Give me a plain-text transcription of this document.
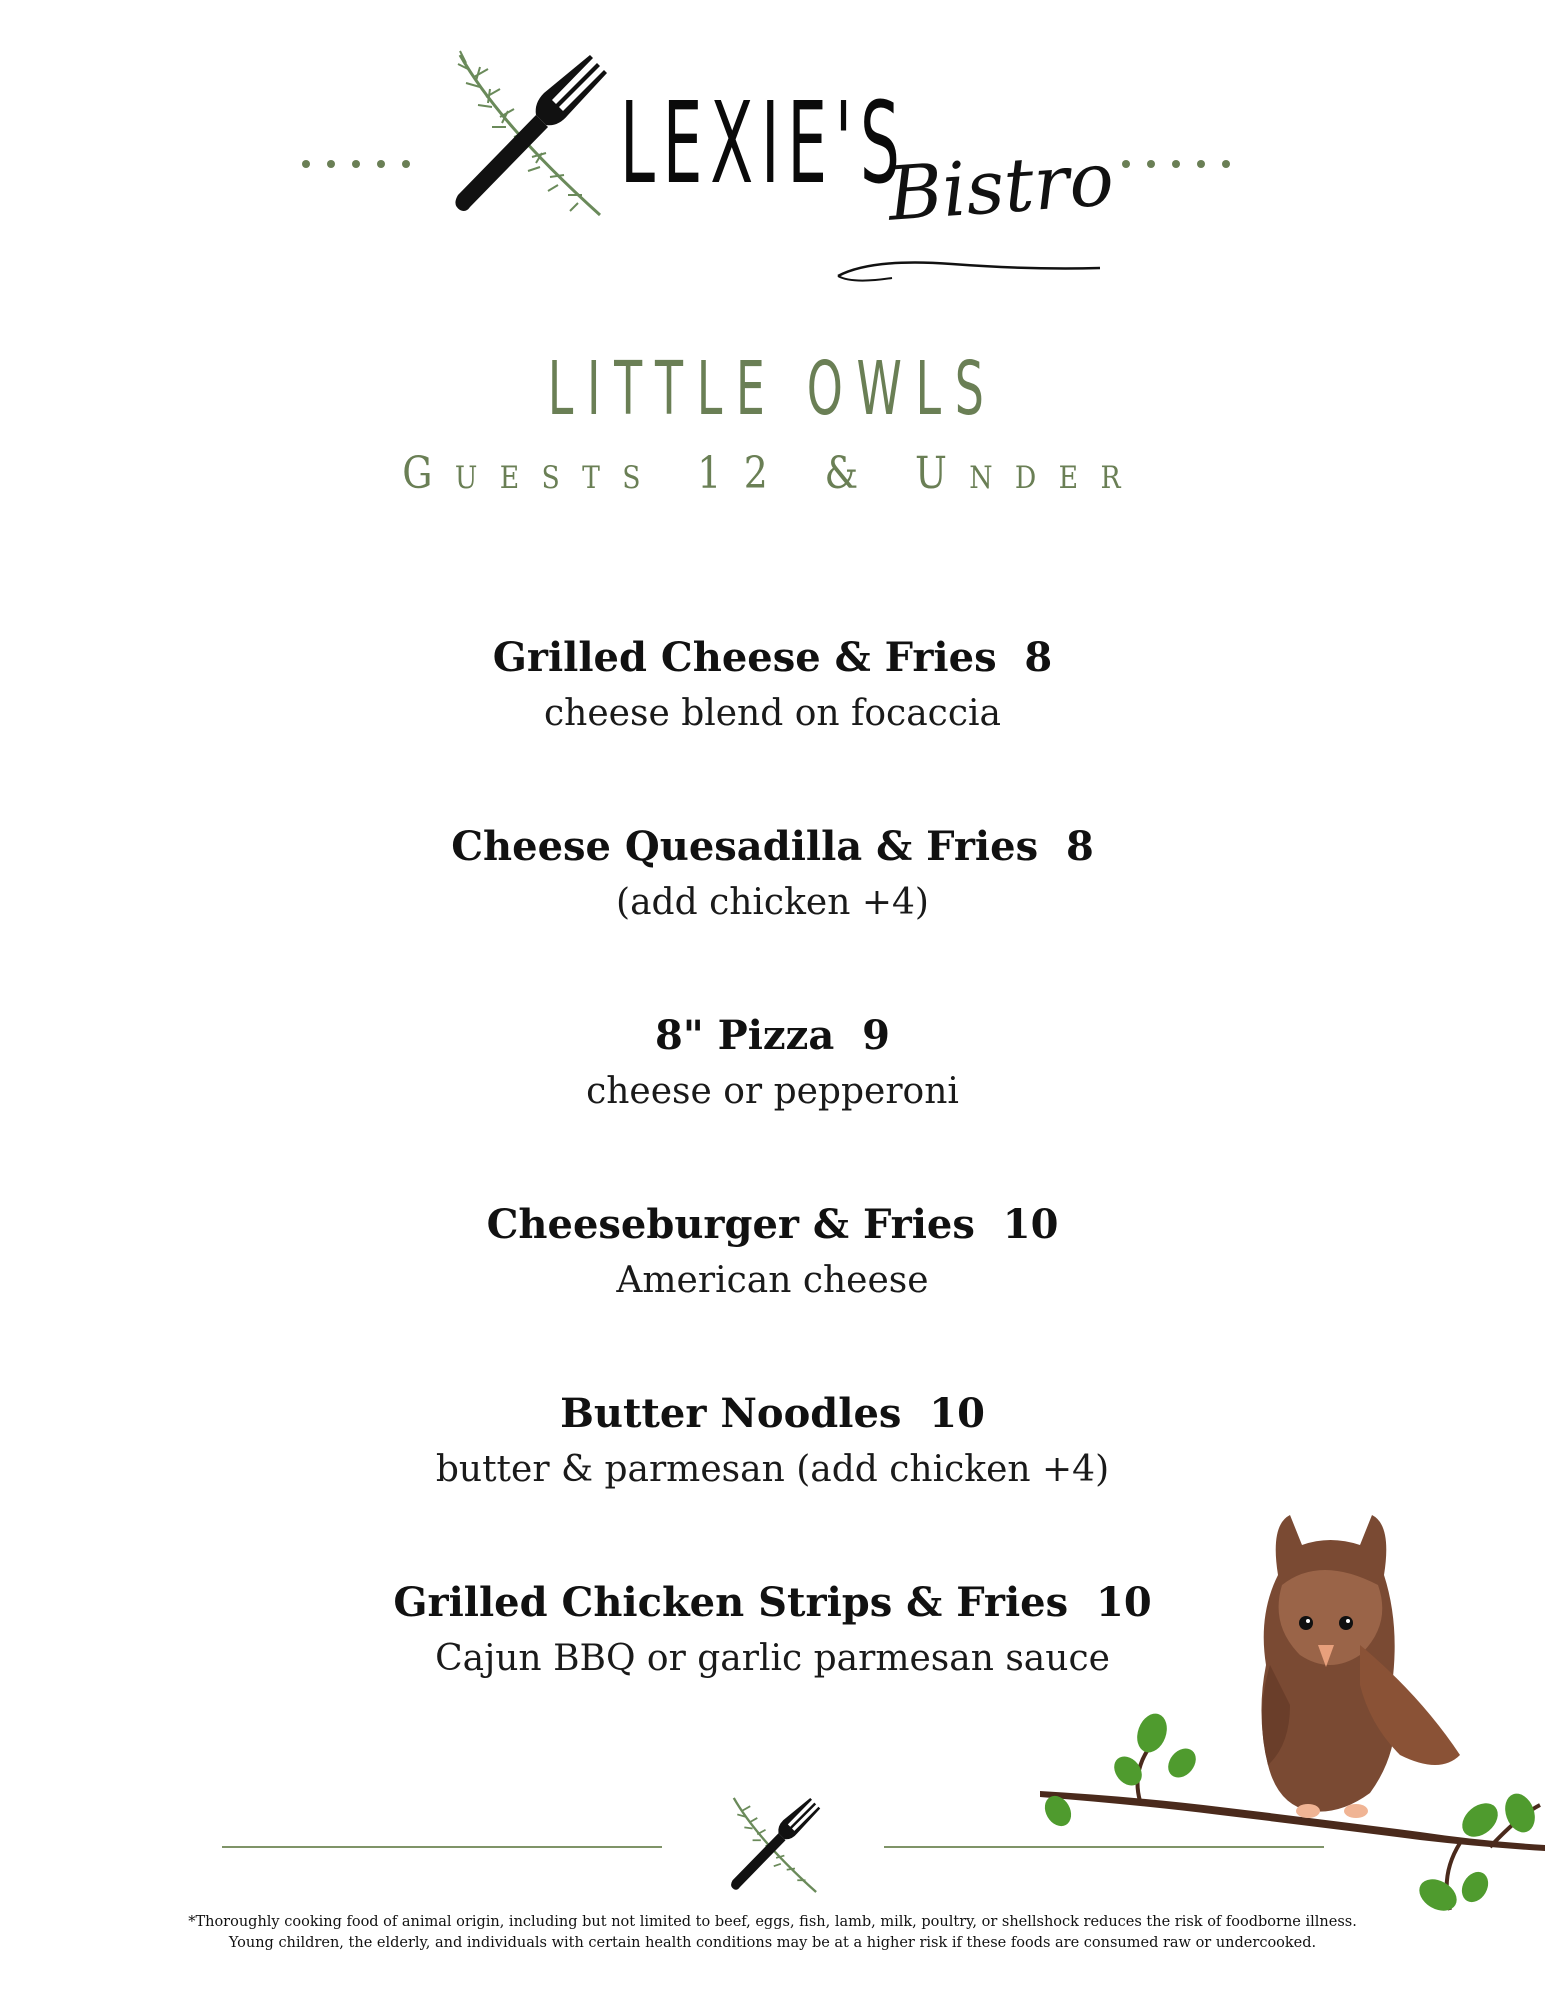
LEXIE'S
Bistro
LITTLE OWLS
Guests 12 & Under
Grilled Cheese & Fries  8
cheese blend on focaccia
Cheese Quesadilla & Fries  8
(add chicken +4)
8" Pizza  9
cheese or pepperoni
Cheeseburger & Fries  10
American cheese
Butter Noodles  10
butter & parmesan (add chicken +4)
Grilled Chicken Strips & Fries  10
Cajun BBQ or garlic parmesan sauce
*Thoroughly cooking food of animal origin, including but not limited to beef, eggs, fish, lamb, milk, poultry, or shellshock reduces the risk of foodborne illness.
Young children, the elderly, and individuals with certain health conditions may be at a higher risk if these foods are consumed raw or undercooked.
